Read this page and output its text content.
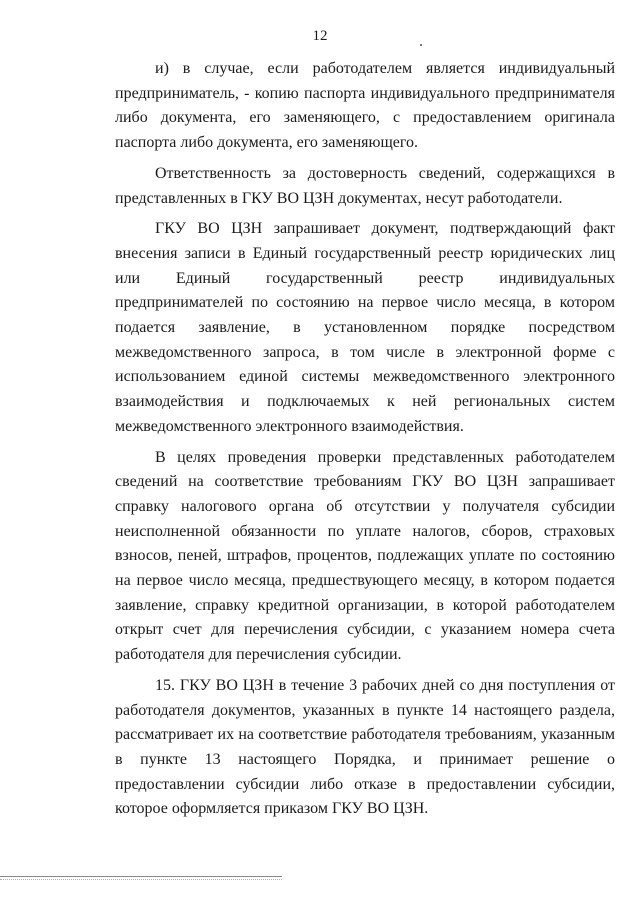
12

и) в случае, если работодателем является индивидуальный предприниматель, - копию паспорта индивидуального предпринимателя либо документа, его заменяющего, с предоставлением оригинала паспорта либо документа, его заменяющего.

Ответственность за достоверность сведений, содержащихся в представленных в ГКУ ВО ЦЗН документах, несут работодатели.

ГКУ ВО ЦЗН запрашивает документ, подтверждающий факт внесения записи в Единый государственный реестр юридических лиц или Единый государственный реестр индивидуальных предпринимателей по состоянию на первое число месяца, в котором подается заявление, в установленном порядке посредством межведомственного запроса, в том числе в электронной форме с использованием единой системы межведомственного электронного взаимодействия и подключаемых к ней региональных систем межведомственного электронного взаимодействия.

В целях проведения проверки представленных работодателем сведений на соответствие требованиям ГКУ ВО ЦЗН запрашивает справку налогового органа об отсутствии у получателя субсидии неисполненной обязанности по уплате налогов, сборов, страховых взносов, пеней, штрафов, процентов, подлежащих уплате по состоянию на первое число месяца, предшествующего месяцу, в котором подается заявление, справку кредитной организации, в которой работодателем открыт счет для перечисления субсидии, с указанием номера счета работодателя для перечисления субсидии.

15. ГКУ ВО ЦЗН в течение 3 рабочих дней со дня поступления от работодателя документов, указанных в пункте 14 настоящего раздела, рассматривает их на соответствие работодателя требованиям, указанным в пункте 13 настоящего Порядка, и принимает решение о предоставлении субсидии либо отказе в предоставлении субсидии, которое оформляется приказом ГКУ ВО ЦЗН.
